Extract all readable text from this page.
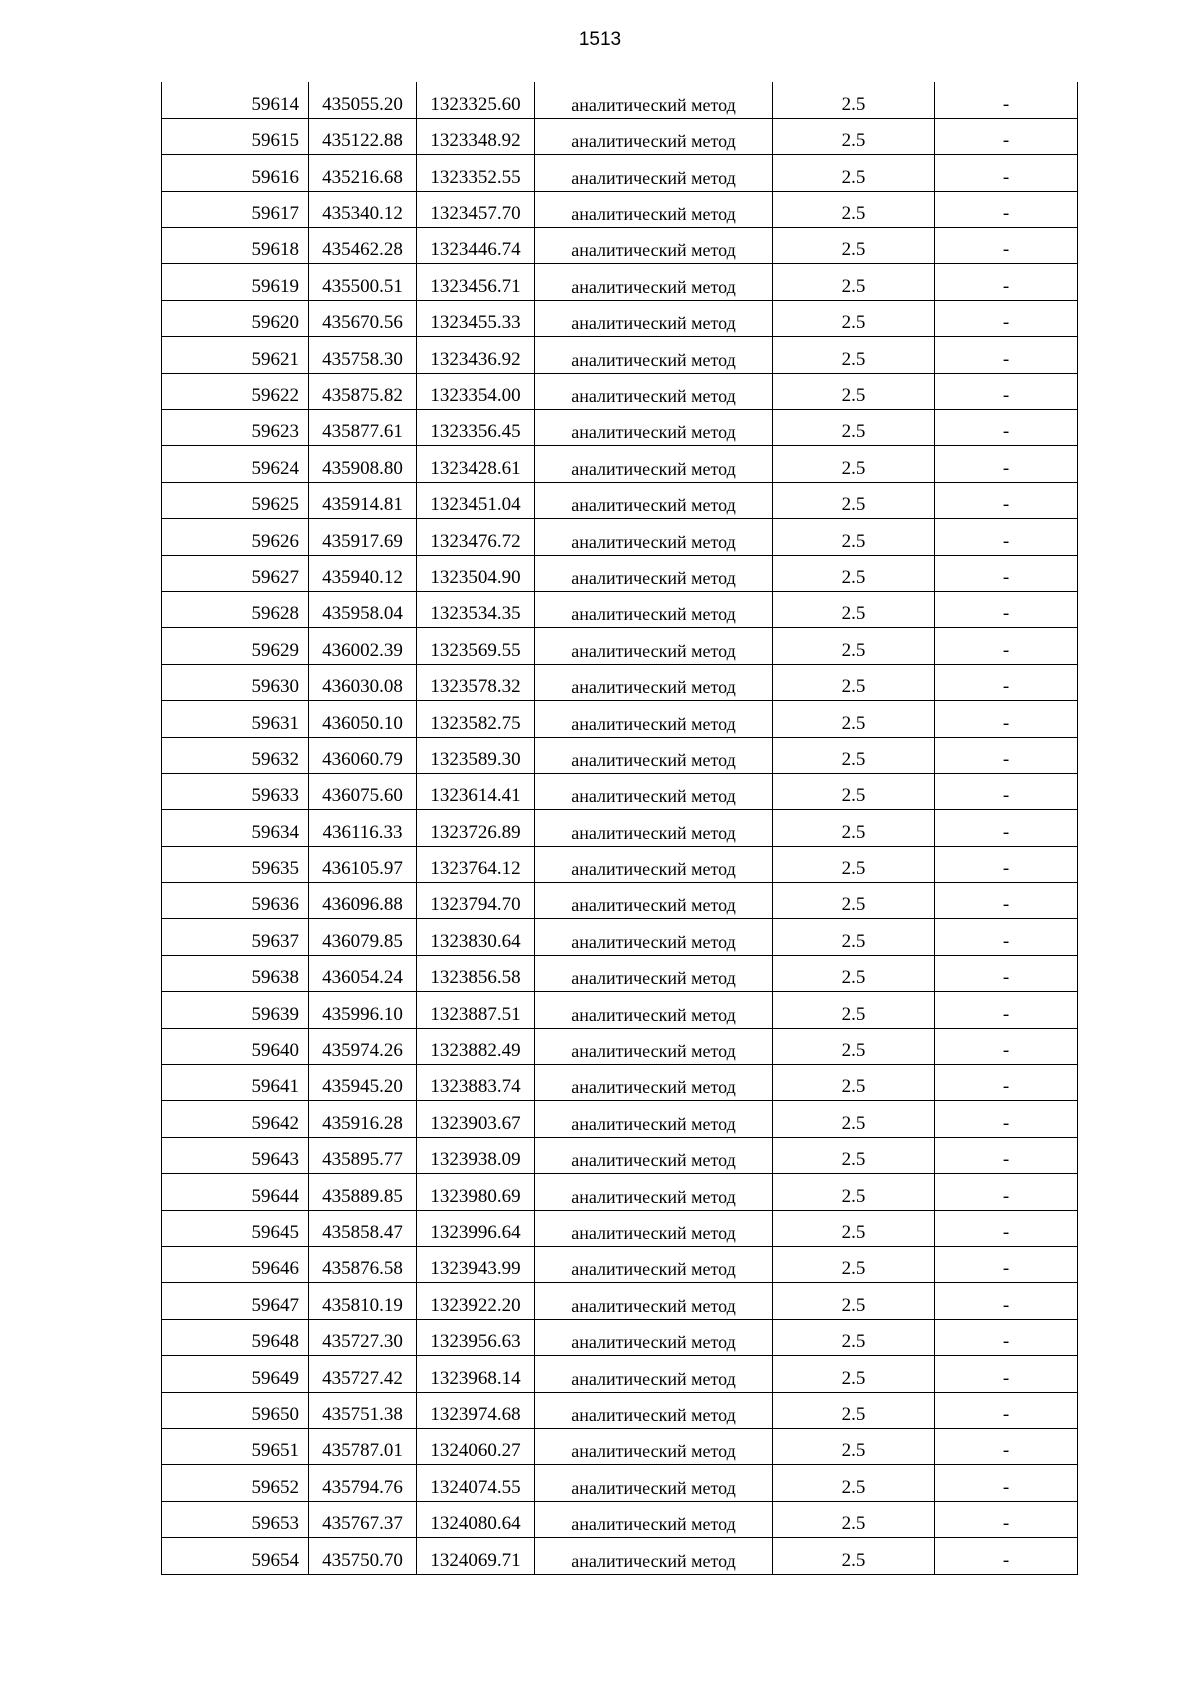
1513
59614	435055.20	1323325.60	аналитический метод	2.5	-
59615	435122.88	1323348.92	аналитический метод	2.5	-
59616	435216.68	1323352.55	аналитический метод	2.5	-
59617	435340.12	1323457.70	аналитический метод	2.5	-
59618	435462.28	1323446.74	аналитический метод	2.5	-
59619	435500.51	1323456.71	аналитический метод	2.5	-
59620	435670.56	1323455.33	аналитический метод	2.5	-
59621	435758.30	1323436.92	аналитический метод	2.5	-
59622	435875.82	1323354.00	аналитический метод	2.5	-
59623	435877.61	1323356.45	аналитический метод	2.5	-
59624	435908.80	1323428.61	аналитический метод	2.5	-
59625	435914.81	1323451.04	аналитический метод	2.5	-
59626	435917.69	1323476.72	аналитический метод	2.5	-
59627	435940.12	1323504.90	аналитический метод	2.5	-
59628	435958.04	1323534.35	аналитический метод	2.5	-
59629	436002.39	1323569.55	аналитический метод	2.5	-
59630	436030.08	1323578.32	аналитический метод	2.5	-
59631	436050.10	1323582.75	аналитический метод	2.5	-
59632	436060.79	1323589.30	аналитический метод	2.5	-
59633	436075.60	1323614.41	аналитический метод	2.5	-
59634	436116.33	1323726.89	аналитический метод	2.5	-
59635	436105.97	1323764.12	аналитический метод	2.5	-
59636	436096.88	1323794.70	аналитический метод	2.5	-
59637	436079.85	1323830.64	аналитический метод	2.5	-
59638	436054.24	1323856.58	аналитический метод	2.5	-
59639	435996.10	1323887.51	аналитический метод	2.5	-
59640	435974.26	1323882.49	аналитический метод	2.5	-
59641	435945.20	1323883.74	аналитический метод	2.5	-
59642	435916.28	1323903.67	аналитический метод	2.5	-
59643	435895.77	1323938.09	аналитический метод	2.5	-
59644	435889.85	1323980.69	аналитический метод	2.5	-
59645	435858.47	1323996.64	аналитический метод	2.5	-
59646	435876.58	1323943.99	аналитический метод	2.5	-
59647	435810.19	1323922.20	аналитический метод	2.5	-
59648	435727.30	1323956.63	аналитический метод	2.5	-
59649	435727.42	1323968.14	аналитический метод	2.5	-
59650	435751.38	1323974.68	аналитический метод	2.5	-
59651	435787.01	1324060.27	аналитический метод	2.5	-
59652	435794.76	1324074.55	аналитический метод	2.5	-
59653	435767.37	1324080.64	аналитический метод	2.5	-
59654	435750.70	1324069.71	аналитический метод	2.5	-
